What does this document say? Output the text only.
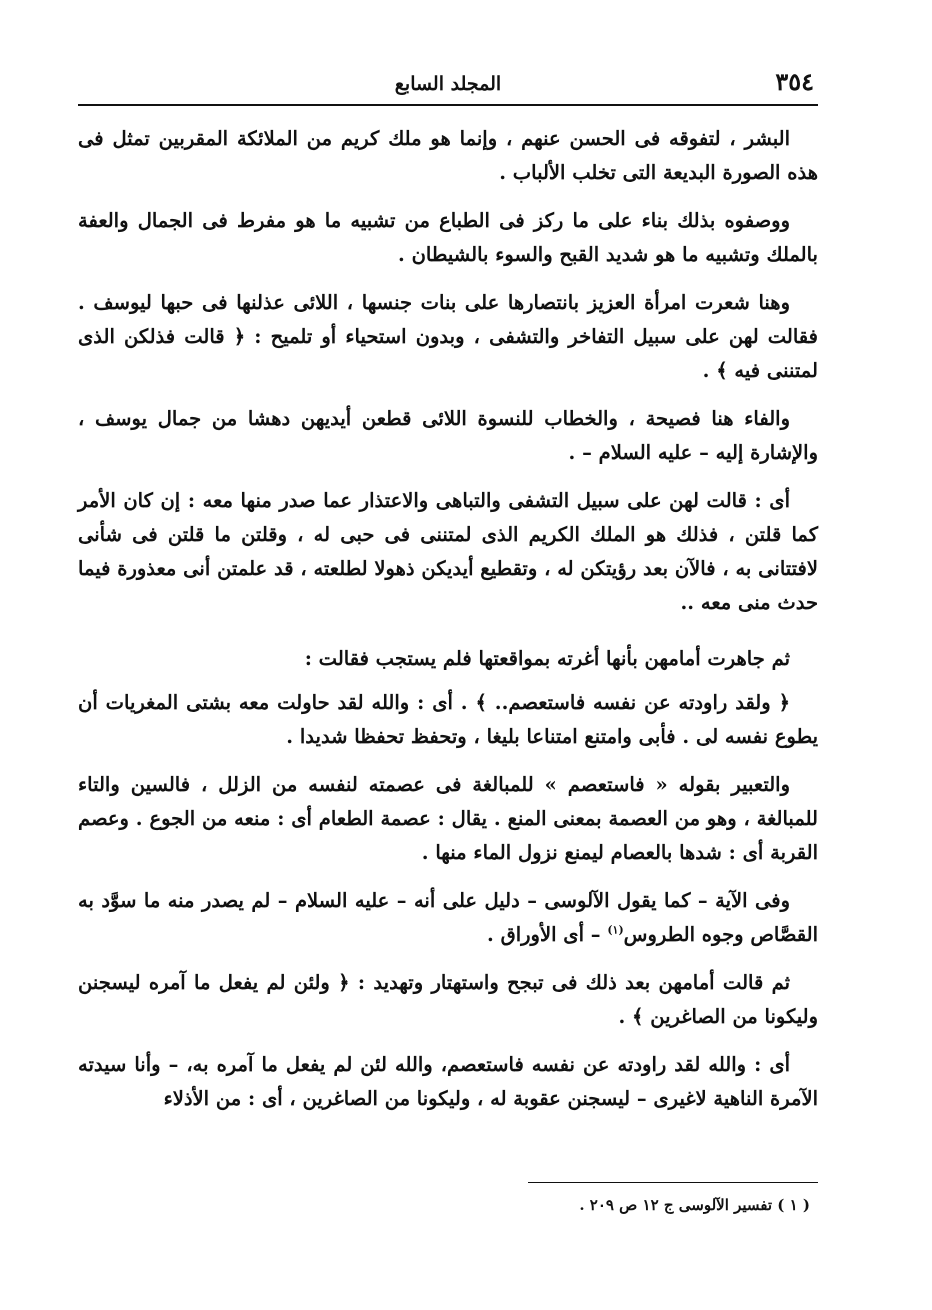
٣٥٤
المجلد السابع

البشر ، لتفوقه فى الحسن عنهم ، وإنما هو ملك كريم من الملائكة المقربين تمثل فى هذه الصورة البديعة التى تخلب الألباب .

ووصفوه بذلك بناء على ما ركز فى الطباع من تشبيه ما هو مفرط فى الجمال والعفة بالملك وتشبيه ما هو شديد القبح والسوء بالشيطان .

وهنا شعرت امرأة العزيز بانتصارها على بنات جنسها ، اللائى عذلنها فى حبها ليوسف . فقالت لهن على سبيل التفاخر والتشفى ، وبدون استحياء أو تلميح : ﴿ قالت فذلكن الذى لمتننى فيه ﴾ .

والفاء هنا فصيحة ، والخطاب للنسوة اللائى قطعن أيديهن دهشا من جمال يوسف ، والإشارة إليه – عليه السلام – .

أى : قالت لهن على سبيل التشفى والتباهى والاعتذار عما صدر منها معه : إن كان الأمر كما قلتن ، فذلك هو الملك الكريم الذى لمتننى فى حبى له ، وقلتن ما قلتن فى شأنى لافتتانى به ، فالآن بعد رؤيتكن له ، وتقطيع أيديكن ذهولا لطلعته ، قد علمتن أنى معذورة فيما حدث منى معه ..

ثم جاهرت أمامهن بأنها أغرته بمواقعتها فلم يستجب فقالت :

﴿ ولقد راودته عن نفسه فاستعصم.. ﴾ . أى : والله لقد حاولت معه بشتى المغريات أن يطوع نفسه لى . فأبى وامتنع امتناعا بليغا ، وتحفظ تحفظا شديدا .

والتعبير بقوله « فاستعصم » للمبالغة فى عصمته لنفسه من الزلل ، فالسين والتاء للمبالغة ، وهو من العصمة بمعنى المنع . يقال : عصمة الطعام أى : منعه من الجوع . وعصم القربة أى : شدها بالعصام ليمنع نزول الماء منها .

وفى الآية – كما يقول الآلوسى – دليل على أنه – عليه السلام – لم يصدر منه ما سوَّد به القصَّاص وجوه الطروس$^{(١)}$ – أى الأوراق .

ثم قالت أمامهن بعد ذلك فى تبجح واستهتار وتهديد : ﴿ ولئن لم يفعل ما آمره ليسجنن وليكونا من الصاغرين ﴾ .

أى : والله لقد راودته عن نفسه فاستعصم، والله لئن لم يفعل ما آمره به، – وأنا سيدته الآمرة الناهية لاغيرى – ليسجنن عقوبة له ، وليكونا من الصاغرين ، أى : من الأذلاء

( ١ ) تفسير الآلوسى ج ١٢ ص ٢٠٩ .
